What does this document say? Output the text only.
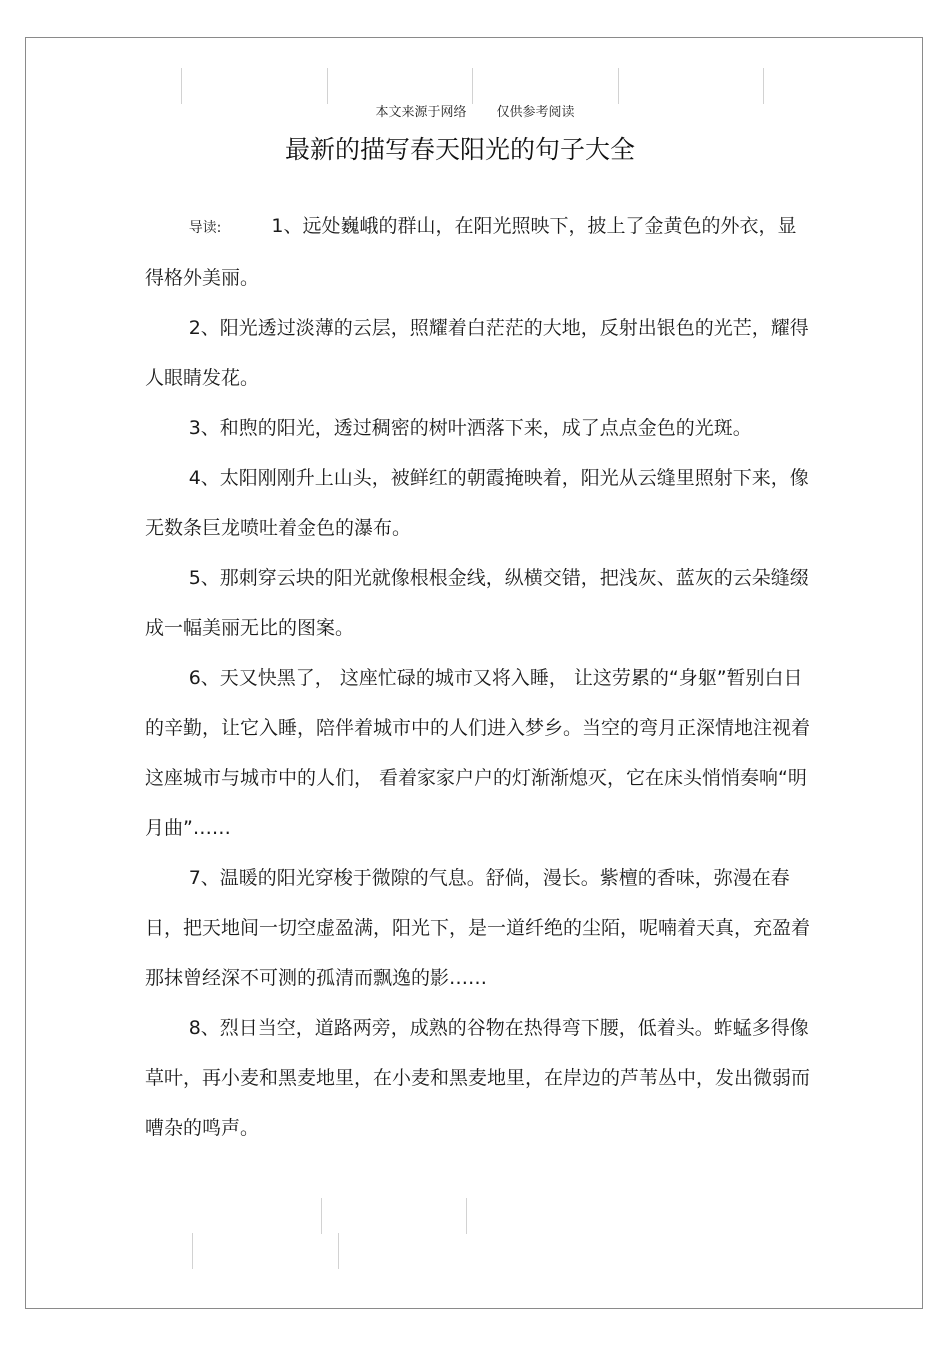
本文来源于网络 仅供参考阅读
最新的描写春天阳光的句子大全

导读:	1、远处巍峨的群山，在阳光照映下，披上了金黄色的外衣，显得格外美丽。

2、阳光透过淡薄的云层，照耀着白茫茫的大地，反射出银色的光芒，耀得人眼睛发花。

3、和煦的阳光，透过稠密的树叶洒落下来，成了点点金色的光斑。

4、太阳刚刚升上山头，被鲜红的朝霞掩映着，阳光从云缝里照射下来，像无数条巨龙喷吐着金色的瀑布。

5、那刺穿云块的阳光就像根根金线，纵横交错，把浅灰、蓝灰的云朵缝缀成一幅美丽无比的图案。

6、天又快黑了， 这座忙碌的城市又将入睡， 让这劳累的“身躯”暂别白日的辛勤，让它入睡，陪伴着城市中的人们进入梦乡。当空的弯月正深情地注视着这座城市与城市中的人们， 看着家家户户的灯渐渐熄灭，它在床头悄悄奏响“明月曲”……

7、温暖的阳光穿梭于微隙的气息。舒倘，漫长。紫檀的香味，弥漫在春日，把天地间一切空虚盈满，阳光下，是一道纤绝的尘陌，呢喃着天真，充盈着那抹曾经深不可测的孤清而飘逸的影……

8、烈日当空，道路两旁，成熟的谷物在热得弯下腰，低着头。蚱蜢多得像草叶，再小麦和黑麦地里，在小麦和黑麦地里，在岸边的芦苇丛中，发出微弱而嘈杂的鸣声。
